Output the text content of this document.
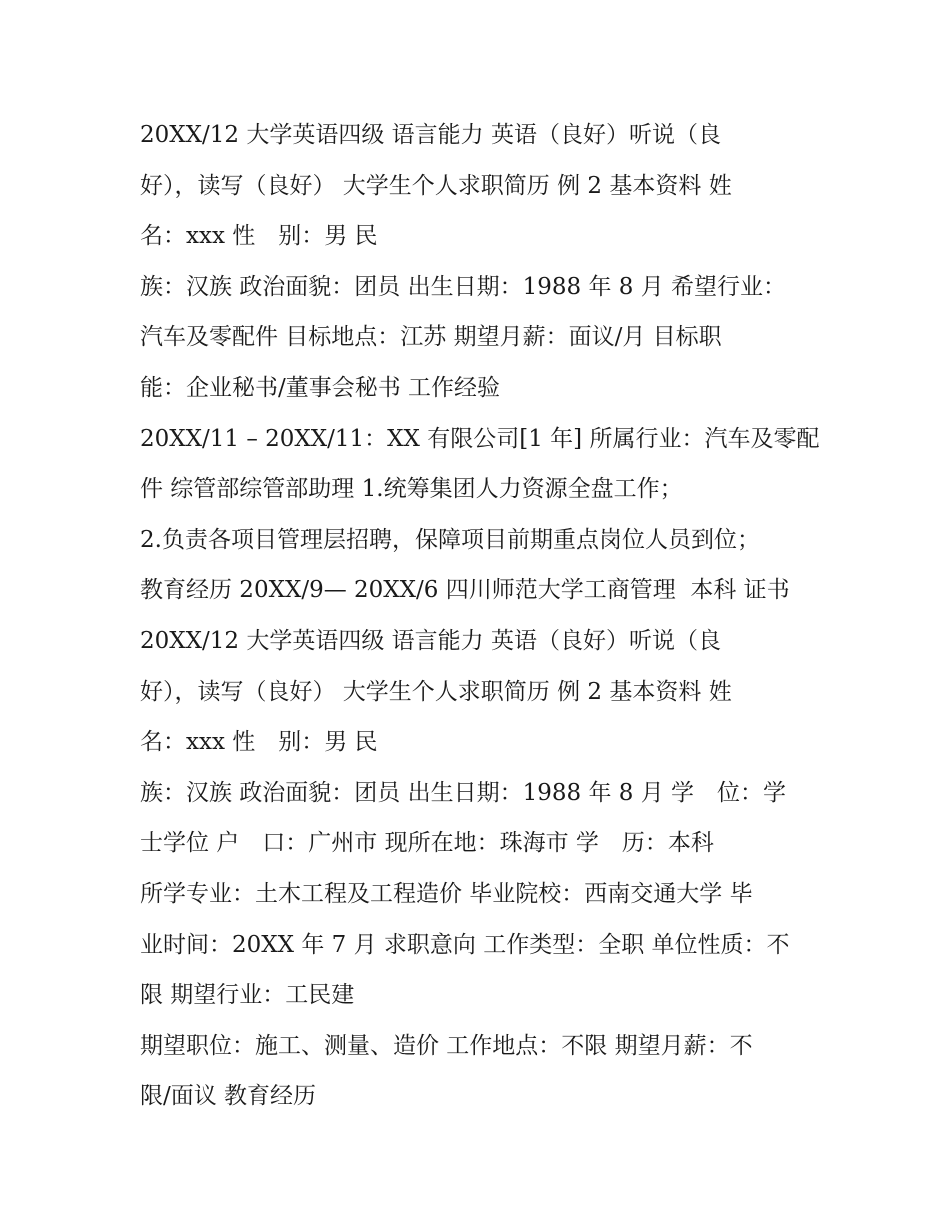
20XX/12 大学英语四级 语言能力 英语（良好）听说（良
好），读写（良好） 大学生个人求职简历 例 2 基本资料 姓
名：xxx 性　别：男 民
族：汉族 政治面貌：团员 出生日期：1988 年 8 月 希望行业：
汽车及零配件 目标地点：江苏 期望月薪：面议/月 目标职
能：企业秘书/董事会秘书 工作经验
20XX/11 – 20XX/11：XX 有限公司[1 年] 所属行业：汽车及零配
件 综管部综管部助理 1.统筹集团人力资源全盘工作；
2.负责各项目管理层招聘，保障项目前期重点岗位人员到位；
教育经历 20XX/9— 20XX/6 四川师范大学工商管理  本科 证书
20XX/12 大学英语四级 语言能力 英语（良好）听说（良
好），读写（良好） 大学生个人求职简历 例 2 基本资料 姓
名：xxx 性　别：男 民
族：汉族 政治面貌：团员 出生日期：1988 年 8 月 学　位：学
士学位 户　口：广州市 现所在地：珠海市 学　历：本科
所学专业：土木工程及工程造价 毕业院校：西南交通大学 毕
业时间：20XX 年 7 月 求职意向 工作类型：全职 单位性质：不
限 期望行业：工民建
期望职位：施工、测量、造价 工作地点：不限 期望月薪：不
限/面议 教育经历
